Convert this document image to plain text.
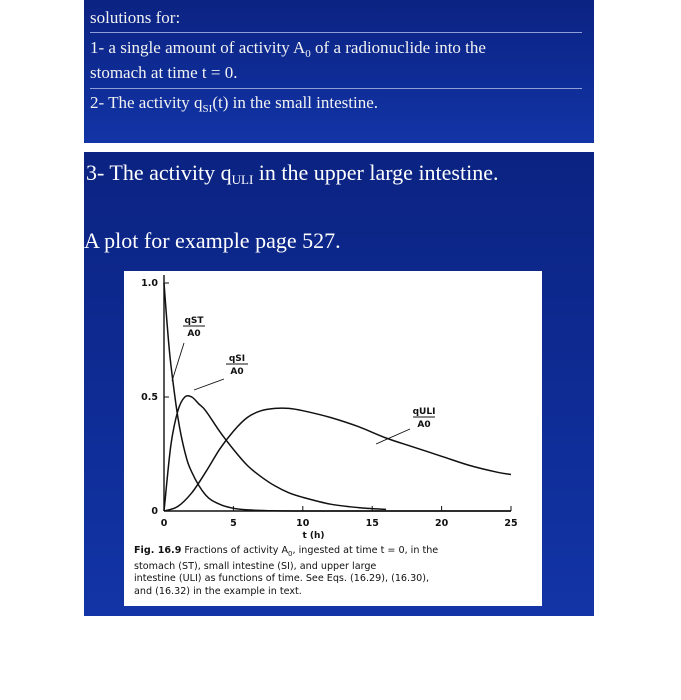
solutions for:
1- a single amount of activity $A_0$ of a radionuclide into the
stomach at time t = 0.
2- The activity $q_{SI}(t)$ in the small intestine.
3- The activity $q_{ULI}$ in the upper large intestine.
A plot for example page 527.
0	5	10	15	20	25
0
0.5
1.0
t (h)
qST
A0
qSI
A0
qULI
A0
Fig. 16.9 Fractions of activity $A_0$, ingested at time t = 0, in the
stomach (ST), small intestine (SI), and upper large
intestine (ULI) as functions of time. See Eqs. (16.29), (16.30),
and (16.32) in the example in text.
